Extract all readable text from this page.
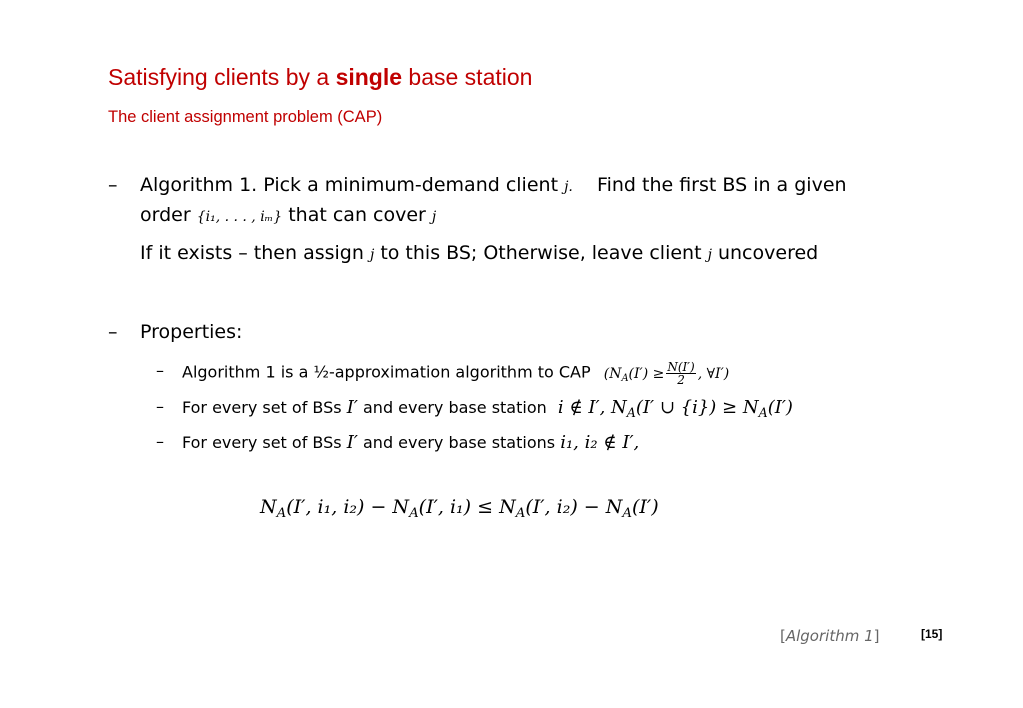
Satisfying clients by a single base station
The client assignment problem (CAP)
– Algorithm 1. Pick a minimum-demand client j. Find the first BS in a given
order {i₁, . . . , iₘ} that can cover j
If it exists – then assign j to this BS; Otherwise, leave client j uncovered
– Properties:
– Algorithm 1 is a ½-approximation algorithm to CAP ($N_A(I') \ge \frac{N(I')}{2}$ , ∀I′)
– For every set of BSs I′ and every base station i ∉ I′, $N_A(I'$ ∪ $\{i\}) \ge N_A(I')$
– For every set of BSs I′ and every base stations i₁, i₂ ∉ I′,
$N_A(I'$, i₁, $i_2) - N_A(I'$, $i_1) \le N_A(I'$, $i_2) - N_A(I')$
[Algorithm 1]	[15]
